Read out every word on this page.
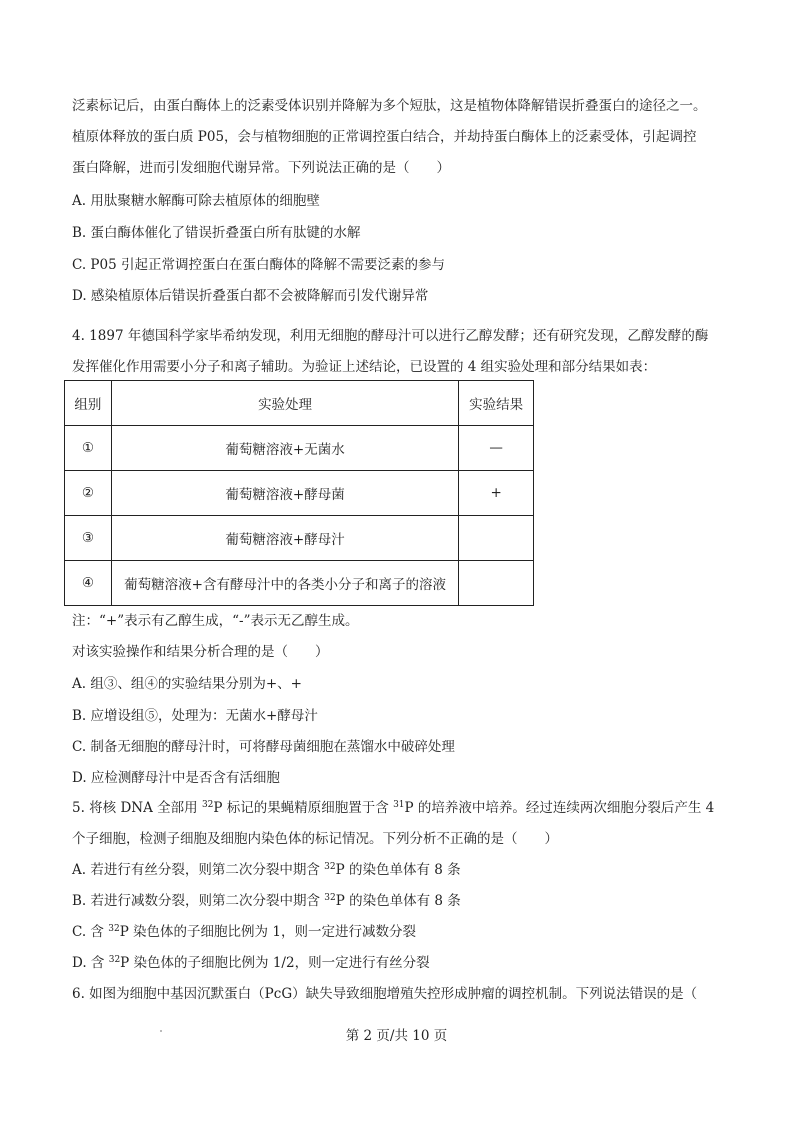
泛素标记后，由蛋白酶体上的泛素受体识别并降解为多个短肽，这是植物体降解错误折叠蛋白的途径之一。
植原体释放的蛋白质 P05，会与植物细胞的正常调控蛋白结合，并劫持蛋白酶体上的泛素受体，引起调控
蛋白降解，进而引发细胞代谢异常。下列说法正确的是（　　）
A. 用肽聚糖水解酶可除去植原体的细胞壁
B. 蛋白酶体催化了错误折叠蛋白所有肽键的水解
C. P05 引起正常调控蛋白在蛋白酶体的降解不需要泛素的参与
D. 感染植原体后错误折叠蛋白都不会被降解而引发代谢异常
4. 1897 年德国科学家毕希纳发现，利用无细胞的酵母汁可以进行乙醇发酵；还有研究发现，乙醇发酵的酶
发挥催化作用需要小分子和离子辅助。为验证上述结论，已设置的 4 组实验处理和部分结果如表：
组别	实验处理	实验结果
①	葡萄糖溶液+无菌水	—
②	葡萄糖溶液+酵母菌	+
③	葡萄糖溶液+酵母汁	
④	葡萄糖溶液+含有酵母汁中的各类小分子和离子的溶液	
注：“+”表示有乙醇生成，“-”表示无乙醇生成。
对该实验操作和结果分析合理的是（　　）
A. 组③、组④的实验结果分别为+、+
B. 应增设组⑤，处理为：无菌水+酵母汁
C. 制备无细胞的酵母汁时，可将酵母菌细胞在蒸馏水中破碎处理
D. 应检测酵母汁中是否含有活细胞
5. 将核 DNA 全部用 $^{32}$P 标记的果蝇精原细胞置于含 $^{31}$P 的培养液中培养。经过连续两次细胞分裂后产生 4
个子细胞，检测子细胞及细胞内染色体的标记情况。下列分析不正确的是（　　）
A. 若进行有丝分裂，则第二次分裂中期含 $^{32}$P 的染色单体有 8 条
B. 若进行减数分裂，则第二次分裂中期含 $^{32}$P 的染色单体有 8 条
C. 含 $^{32}$P 染色体的子细胞比例为 1，则一定进行减数分裂
D. 含 $^{32}$P 染色体的子细胞比例为 1/2，则一定进行有丝分裂
6. 如图为细胞中基因沉默蛋白（PcG）缺失导致细胞增殖失控形成肿瘤的调控机制。下列说法错误的是（
第 2 页/共 10 页
